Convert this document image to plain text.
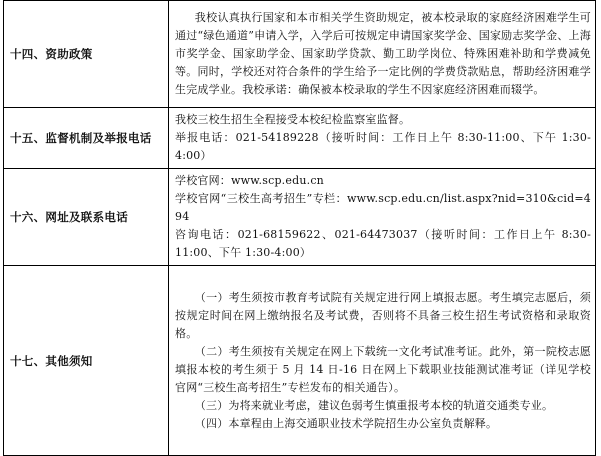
十四、资助政策	我校认真执行国家和本市相关学生资助规定，被本校录取的家庭经济困难学生可通过“绿色通道”申请入学，入学后可按规定申请国家奖学金、国家励志奖学金、上海市奖学金、国家助学金、国家助学贷款、勤工助学岗位、特殊困难补助和学费减免等。同时，学校还对符合条件的学生给予一定比例的学费贷款贴息，帮助经济困难学生完成学业。我校承诺：确保被本校录取的学生不因家庭经济困难而辍学。

十五、监督机制及举报电话	我校三校生招生全程接受本校纪检监察室监督。
举报电话：021-54189228（接听时间：工作日上午 8:30-11:00、下午 1:30-4:00）

十六、网址及联系电话	学校官网：www.scp.edu.cn
学校官网“三校生高考招生”专栏：www.scp.edu.cn/list.aspx?nid=310&cid=494
咨询电话：021-68159622、021-64473037（接听时间：工作日上午 8:30-11:00、下午 1:30-4:00）

十七、其他须知	（一）考生须按市教育考试院有关规定进行网上填报志愿。考生填完志愿后，须按规定时间在网上缴纳报名及考试费，否则将不具备三校生招生考试资格和录取资格。
（二）考生须按有关规定在网上下载统一文化考试准考证。此外，第一院校志愿填报本校的考生须于 5 月 14 日-16 日在网上下载职业技能测试准考证（详见学校官网“三校生高考招生”专栏发布的相关通告）。
（三）为将来就业考虑，建议色弱考生慎重报考本校的轨道交通类专业。
（四）本章程由上海交通职业技术学院招生办公室负责解释。
